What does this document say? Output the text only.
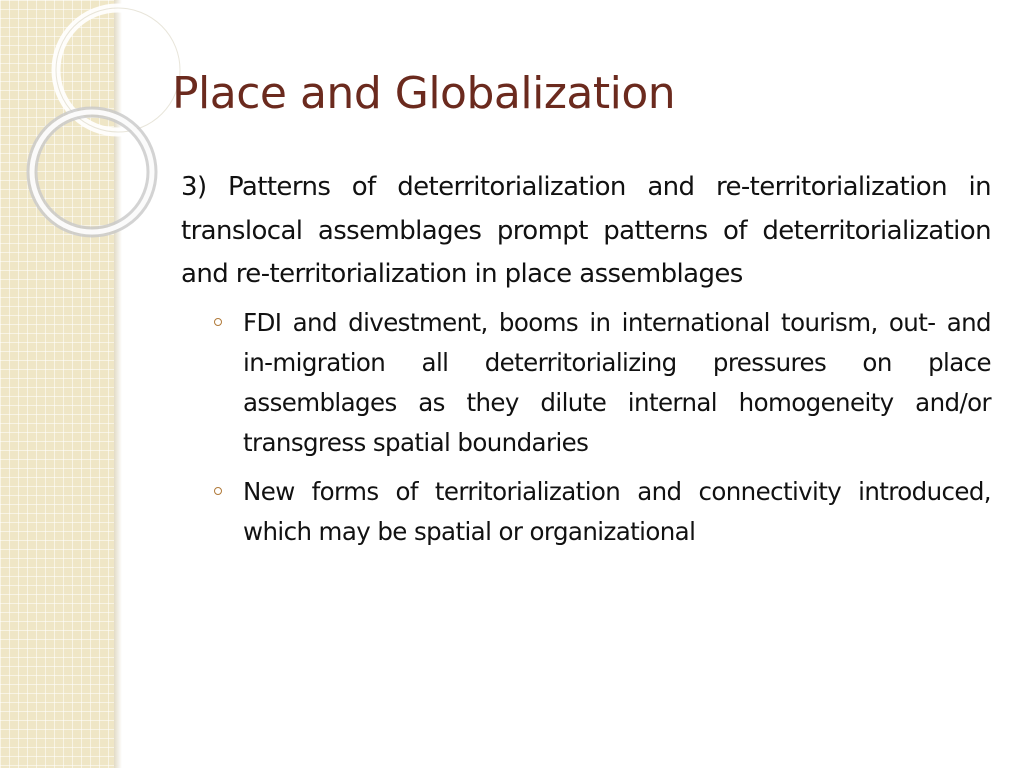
Place and Globalization

3) Patterns of deterritorialization and re-territorialization in translocal assemblages prompt patterns of deterritorialization and re-territorialization in place assemblages

FDI and divestment, booms in international tourism, out- and in-migration all deterritorializing pressures on place assemblages as they dilute internal homogeneity and/or transgress spatial boundaries
New forms of territorialization and connectivity introduced, which may be spatial or organizational
